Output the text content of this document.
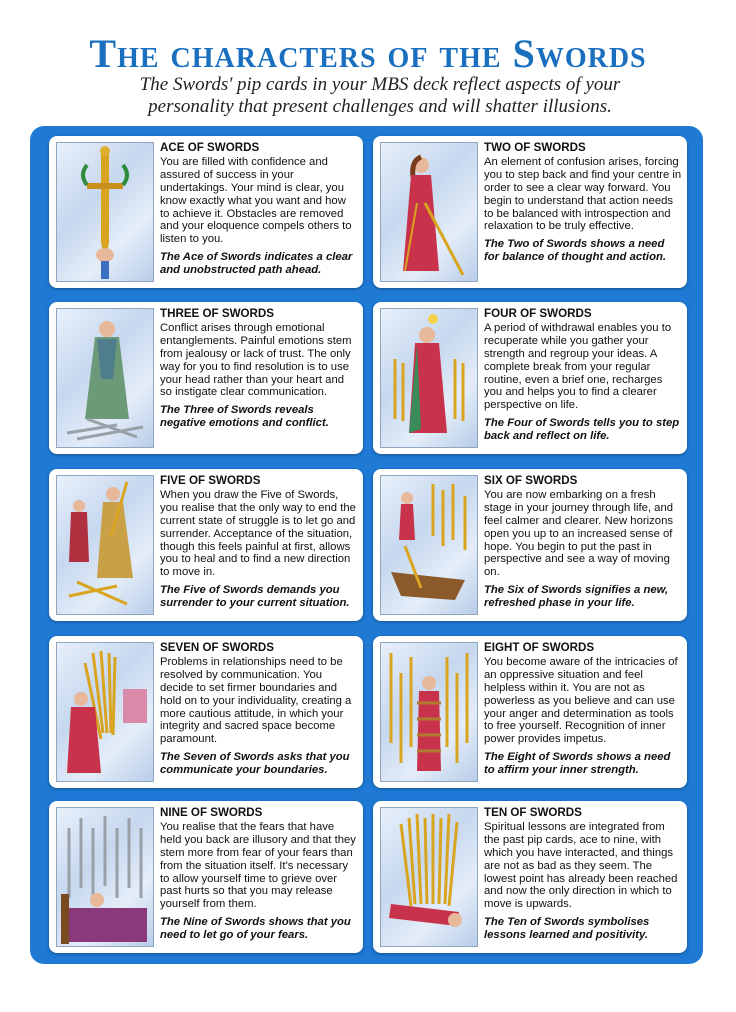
The characters of the Swords
The Swords' pip cards in your MBS deck reflect aspects of your personality that present challenges and will shatter illusions.
ACE OF SWORDS

You are filled with confidence and assured of success in your undertakings. Your mind is clear, you know exactly what you want and how to achieve it. Obstacles are removed and your eloquence compels others to listen to you.

The Ace of Swords indicates a clear and unobstructed path ahead.

TWO OF SWORDS

An element of confusion arises, forcing you to step back and find your centre in order to see a clear way forward. You begin to understand that action needs to be balanced with introspection and relaxation to be truly effective.

The Two of Swords shows a need for balance of thought and action.

THREE OF SWORDS

Conflict arises through emotional entanglements. Painful emotions stem from jealousy or lack of trust. The only way for you to find resolution is to use your head rather than your heart and so instigate clear communication.

The Three of Swords reveals negative emotions and conflict.

FOUR OF SWORDS

A period of withdrawal enables you to recuperate while you gather your strength and regroup your ideas. A complete break from your regular routine, even a brief one, recharges you and helps you to find a clearer perspective on life.

The Four of Swords tells you to step back and reflect on life.

FIVE OF SWORDS

When you draw the Five of Swords, you realise that the only way to end the current state of struggle is to let go and surrender. Acceptance of the situation, though this feels painful at first, allows you to heal and to find a new direction to move in.

The Five of Swords demands you surrender to your current situation.

SIX OF SWORDS

You are now embarking on a fresh stage in your journey through life, and feel calmer and clearer. New horizons open you up to an increased sense of hope. You begin to put the past in perspective and see a way of moving on.

The Six of Swords signifies a new, refreshed phase in your life.

SEVEN OF SWORDS

Problems in relationships need to be resolved by communication. You decide to set firmer boundaries and hold on to your individuality, creating a more cautious attitude, in which your integrity and sacred space become paramount.

The Seven of Swords asks that you communicate your boundaries.

EIGHT OF SWORDS

You become aware of the intricacies of an oppressive situation and feel helpless within it. You are not as powerless as you believe and can use your anger and determination as tools to free yourself. Recognition of inner power provides impetus.

The Eight of Swords shows a need to affirm your inner strength.

NINE OF SWORDS

You realise that the fears that have held you back are illusory and that they stem more from fear of your fears than from the situation itself. It's necessary to allow yourself time to grieve over past hurts so that you may release yourself from them.

The Nine of Swords shows that you need to let go of your fears.

TEN OF SWORDS

Spiritual lessons are integrated from the past pip cards, ace to nine, with which you have interacted, and things are not as bad as they seem. The lowest point has already been reached and now the only direction in which to move is upwards.

The Ten of Swords symbolises lessons learned and positivity.
